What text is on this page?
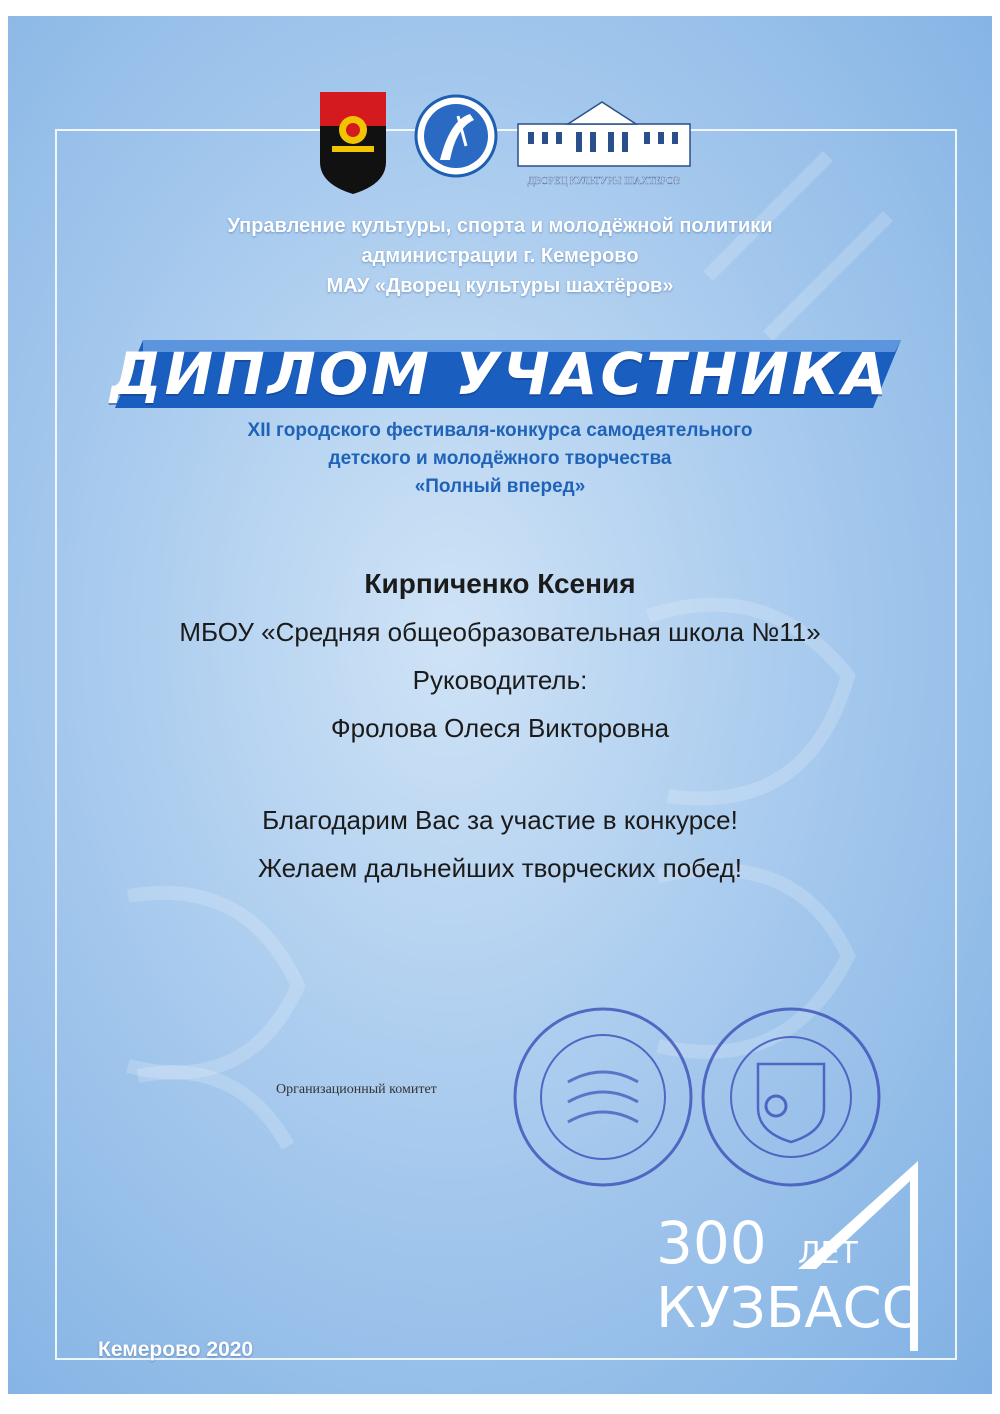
ДВОРЕЦ КУЛЬТУРЫ ШАХТЕРОВ
Управление культуры, спорта и молодёжной политики
администрации г. Кемерово
МАУ «Дворец культуры шахтёров»
ДИПЛОМ УЧАСТНИКА
XII городского фестиваля-конкурса самодеятельного
детского и молодёжного творчества
«Полный вперед»
Кирпиченко Ксения
МБОУ «Средняя общеобразовательная школа №11»
Руководитель:
Фролова Олеся Викторовна
Благодарим Вас за участие в конкурсе!
Желаем дальнейших творческих побед!
Организационный комитет
300 ЛЕТ
КУЗБАСС
Кемерово 2020
